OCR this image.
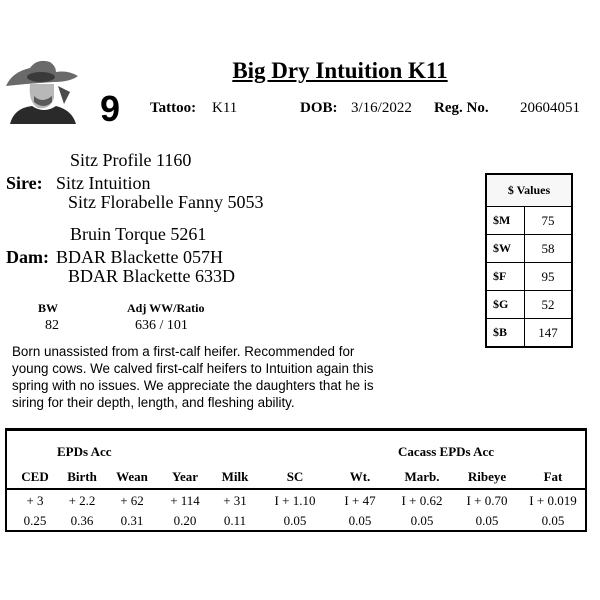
Big Dry Intuition K11
9 Tattoo: K11	DOB: 3/16/2022 Reg. No. 20604051
Sitz Profile 1160
Sire: Sitz Intuition
Sitz Florabelle Fanny 5053
Bruin Torque 5261
Dam: BDAR Blackette 057H
BDAR Blackette 633D
BW
82
Adj WW/Ratio
636 / 101
$ Values	
$M	75
$W	58
$F	95
$G	52
$B	147
Born unassisted from a first-calf heifer. Recommended for young cows. We calved first-calf heifers to Intuition again this spring with no issues. We appreciate the daughters that he is siring for their depth, length, and fleshing ability.
EPDs Acc	Cacass EPDs Acc
CED	Birth	Wean	Year	Milk	SC	Wt.	Marb.	Ribeye	Fat
+ 3	+ 2.2	+ 62	+ 114	+ 31	I + 1.10	I + 47	I + 0.62	I + 0.70	I + 0.019
0.25	0.36	0.31	0.20	0.11	0.05	0.05	0.05	0.05	0.05
